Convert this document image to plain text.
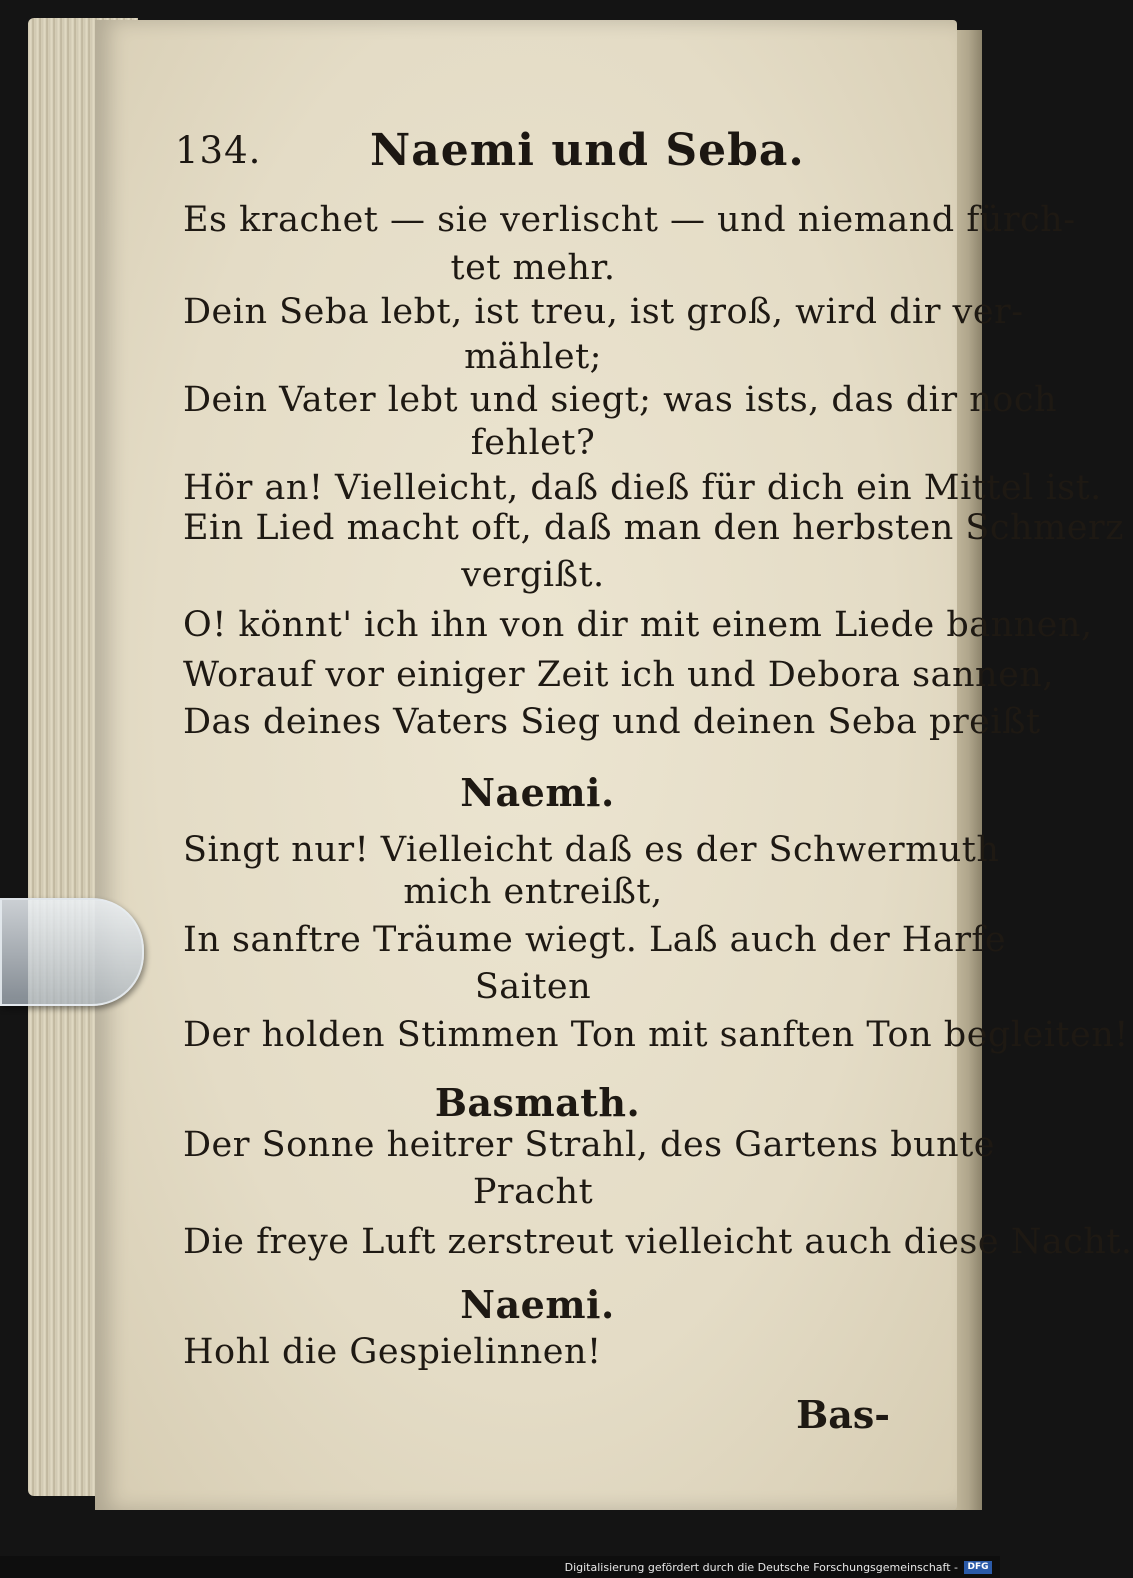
134. Naemi und Seba.
Es krachet — sie verlischt — und niemand fürch-
tet mehr.
Dein Seba lebt, ist treu, ist groß, wird dir ver-
mählet;
Dein Vater lebt und siegt; was ists, das dir noch
fehlet?
Hör an! Vielleicht, daß dieß für dich ein Mittel ist.
Ein Lied macht oft, daß man den herbsten Schmerz
vergißt.
O! könnt' ich ihn von dir mit einem Liede bannen,
Worauf vor einiger Zeit ich und Debora sannen,
Das deines Vaters Sieg und deinen Seba preißt
Naemi.
Singt nur! Vielleicht daß es der Schwermuth
mich entreißt,
In sanftre Träume wiegt. Laß auch der Harfe
Saiten
Der holden Stimmen Ton mit sanften Ton begleiten!
Basmath.
Der Sonne heitrer Strahl, des Gartens bunte
Pracht
Die freye Luft zerstreut vielleicht auch diese Nacht.
Naemi.
Hohl die Gespielinnen!
Bas-
Digitalisierung gefördert durch die Deutsche Forschungsgemeinschaft -	DFG
